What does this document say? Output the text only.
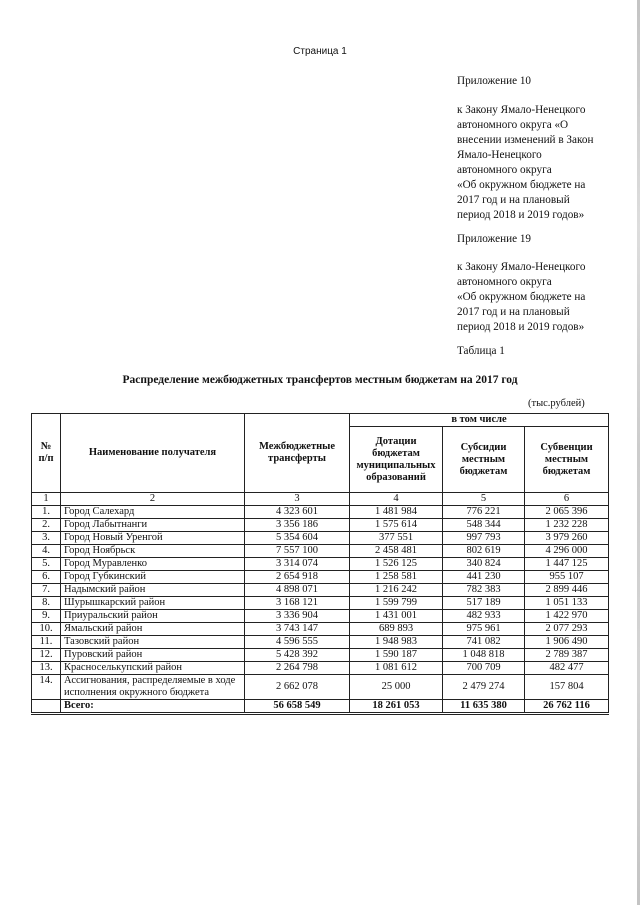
Страница 1
Приложение 10
к Закону Ямало-Ненецкого
автономного округа «О
внесении изменений в Закон
Ямало-Ненецкого
автономного округа
«Об окружном бюджете на
2017 год и на плановый
период 2018 и 2019 годов»
Приложение 19
к Закону Ямало-Ненецкого
автономного округа
«Об окружном бюджете на
2017 год и на плановый
период 2018 и 2019 годов»
Таблица 1
Распределение межбюджетных трансфертов местным бюджетам на 2017 год
(тыс.рублей)
№ п/п	Наименование получателя	Межбюджетные трансферты	в том числе		
			Дотации бюджетам муниципальных образований	Субсидии местным бюджетам	Субвенции местным бюджетам
1	2	3	4	5	6
1.	Город Салехард	4 323 601	1 481 984	776 221	2 065 396
2.	Город Лабытнанги	3 356 186	1 575 614	548 344	1 232 228
3.	Город Новый Уренгой	5 354 604	377 551	997 793	3 979 260
4.	Город Ноябрьск	7 557 100	2 458 481	802 619	4 296 000
5.	Город Муравленко	3 314 074	1 526 125	340 824	1 447 125
6.	Город Губкинский	2 654 918	1 258 581	441 230	955 107
7.	Надымский район	4 898 071	1 216 242	782 383	2 899 446
8.	Шурышкарский район	3 168 121	1 599 799	517 189	1 051 133
9.	Приуральский район	3 336 904	1 431 001	482 933	1 422 970
10.	Ямальский район	3 743 147	689 893	975 961	2 077 293
11.	Тазовский район	4 596 555	1 948 983	741 082	1 906 490
12.	Пуровский район	5 428 392	1 590 187	1 048 818	2 789 387
13.	Красноселькупский район	2 264 798	1 081 612	700 709	482 477
14.	Ассигнования, распределяемые в ходе исполнения окружного бюджета	2 662 078	25 000	2 479 274	157 804
	Всего:	56 658 549	18 261 053	11 635 380	26 762 116
